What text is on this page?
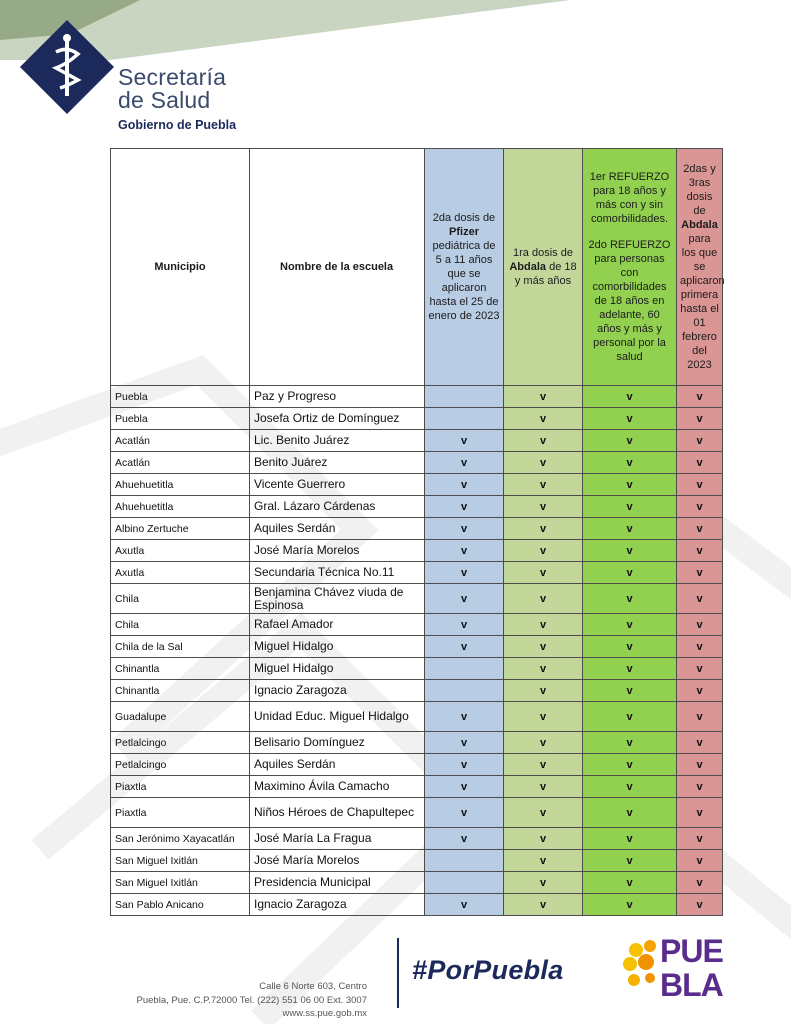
Secretaría
de Salud
Gobierno de Puebla
Municipio	Nombre de la escuela	2da dosis de Pfizer pediátrica de 5 a 11 años que se aplicaron hasta el 25 de enero de 2023	1ra dosis de Abdala de 18 y más años	1er REFUERZO para 18 años y más con y sin comorbilidades.
2do REFUERZO para personas con comorbilidades de 18 años en adelante, 60 años y más y personal por la salud	2das y 3ras dosis de Abdala para los que se aplicaron primera hasta el 01 febrero del 2023
Puebla	Paz y Progreso		v	v	v
Puebla	Josefa Ortiz de Domínguez		v	v	v
Acatlán	Lic. Benito Juárez	v	v	v	v
Acatlán	Benito Juárez	v	v	v	v
Ahuehuetitla	Vicente Guerrero	v	v	v	v
Ahuehuetitla	Gral. Lázaro Cárdenas	v	v	v	v
Albino Zertuche	Aquiles Serdán	v	v	v	v
Axutla	José María Morelos	v	v	v	v
Axutla	Secundaria Técnica No.11	v	v	v	v
Chila	Benjamina Chávez viuda de Espinosa	v	v	v	v
Chila	Rafael Amador	v	v	v	v
Chila de la Sal	Miguel Hidalgo	v	v	v	v
Chinantla	Miguel Hidalgo		v	v	v
Chinantla	Ignacio Zaragoza		v	v	v
Guadalupe	Unidad Educ. Miguel Hidalgo	v	v	v	v
Petlalcingo	Belisario Domínguez	v	v	v	v
Petlalcingo	Aquiles Serdán	v	v	v	v
Piaxtla	Maximino Ávila Camacho	v	v	v	v
Piaxtla	Niños Héroes de Chapultepec	v	v	v	v
San Jerónimo Xayacatlán	José María La Fragua	v	v	v	v
San Miguel Ixitlán	José María Morelos		v	v	v
San Miguel Ixitlán	Presidencia Municipal		v	v	v
San Pablo Anicano	Ignacio Zaragoza	v	v	v	v
Calle 6 Norte 603, Centro
Puebla, Pue. C.P.72000 Tel. (222) 551 06 00 Ext. 3007
www.ss.pue.gob.mx
#PorPuebla
PUE
BLA
